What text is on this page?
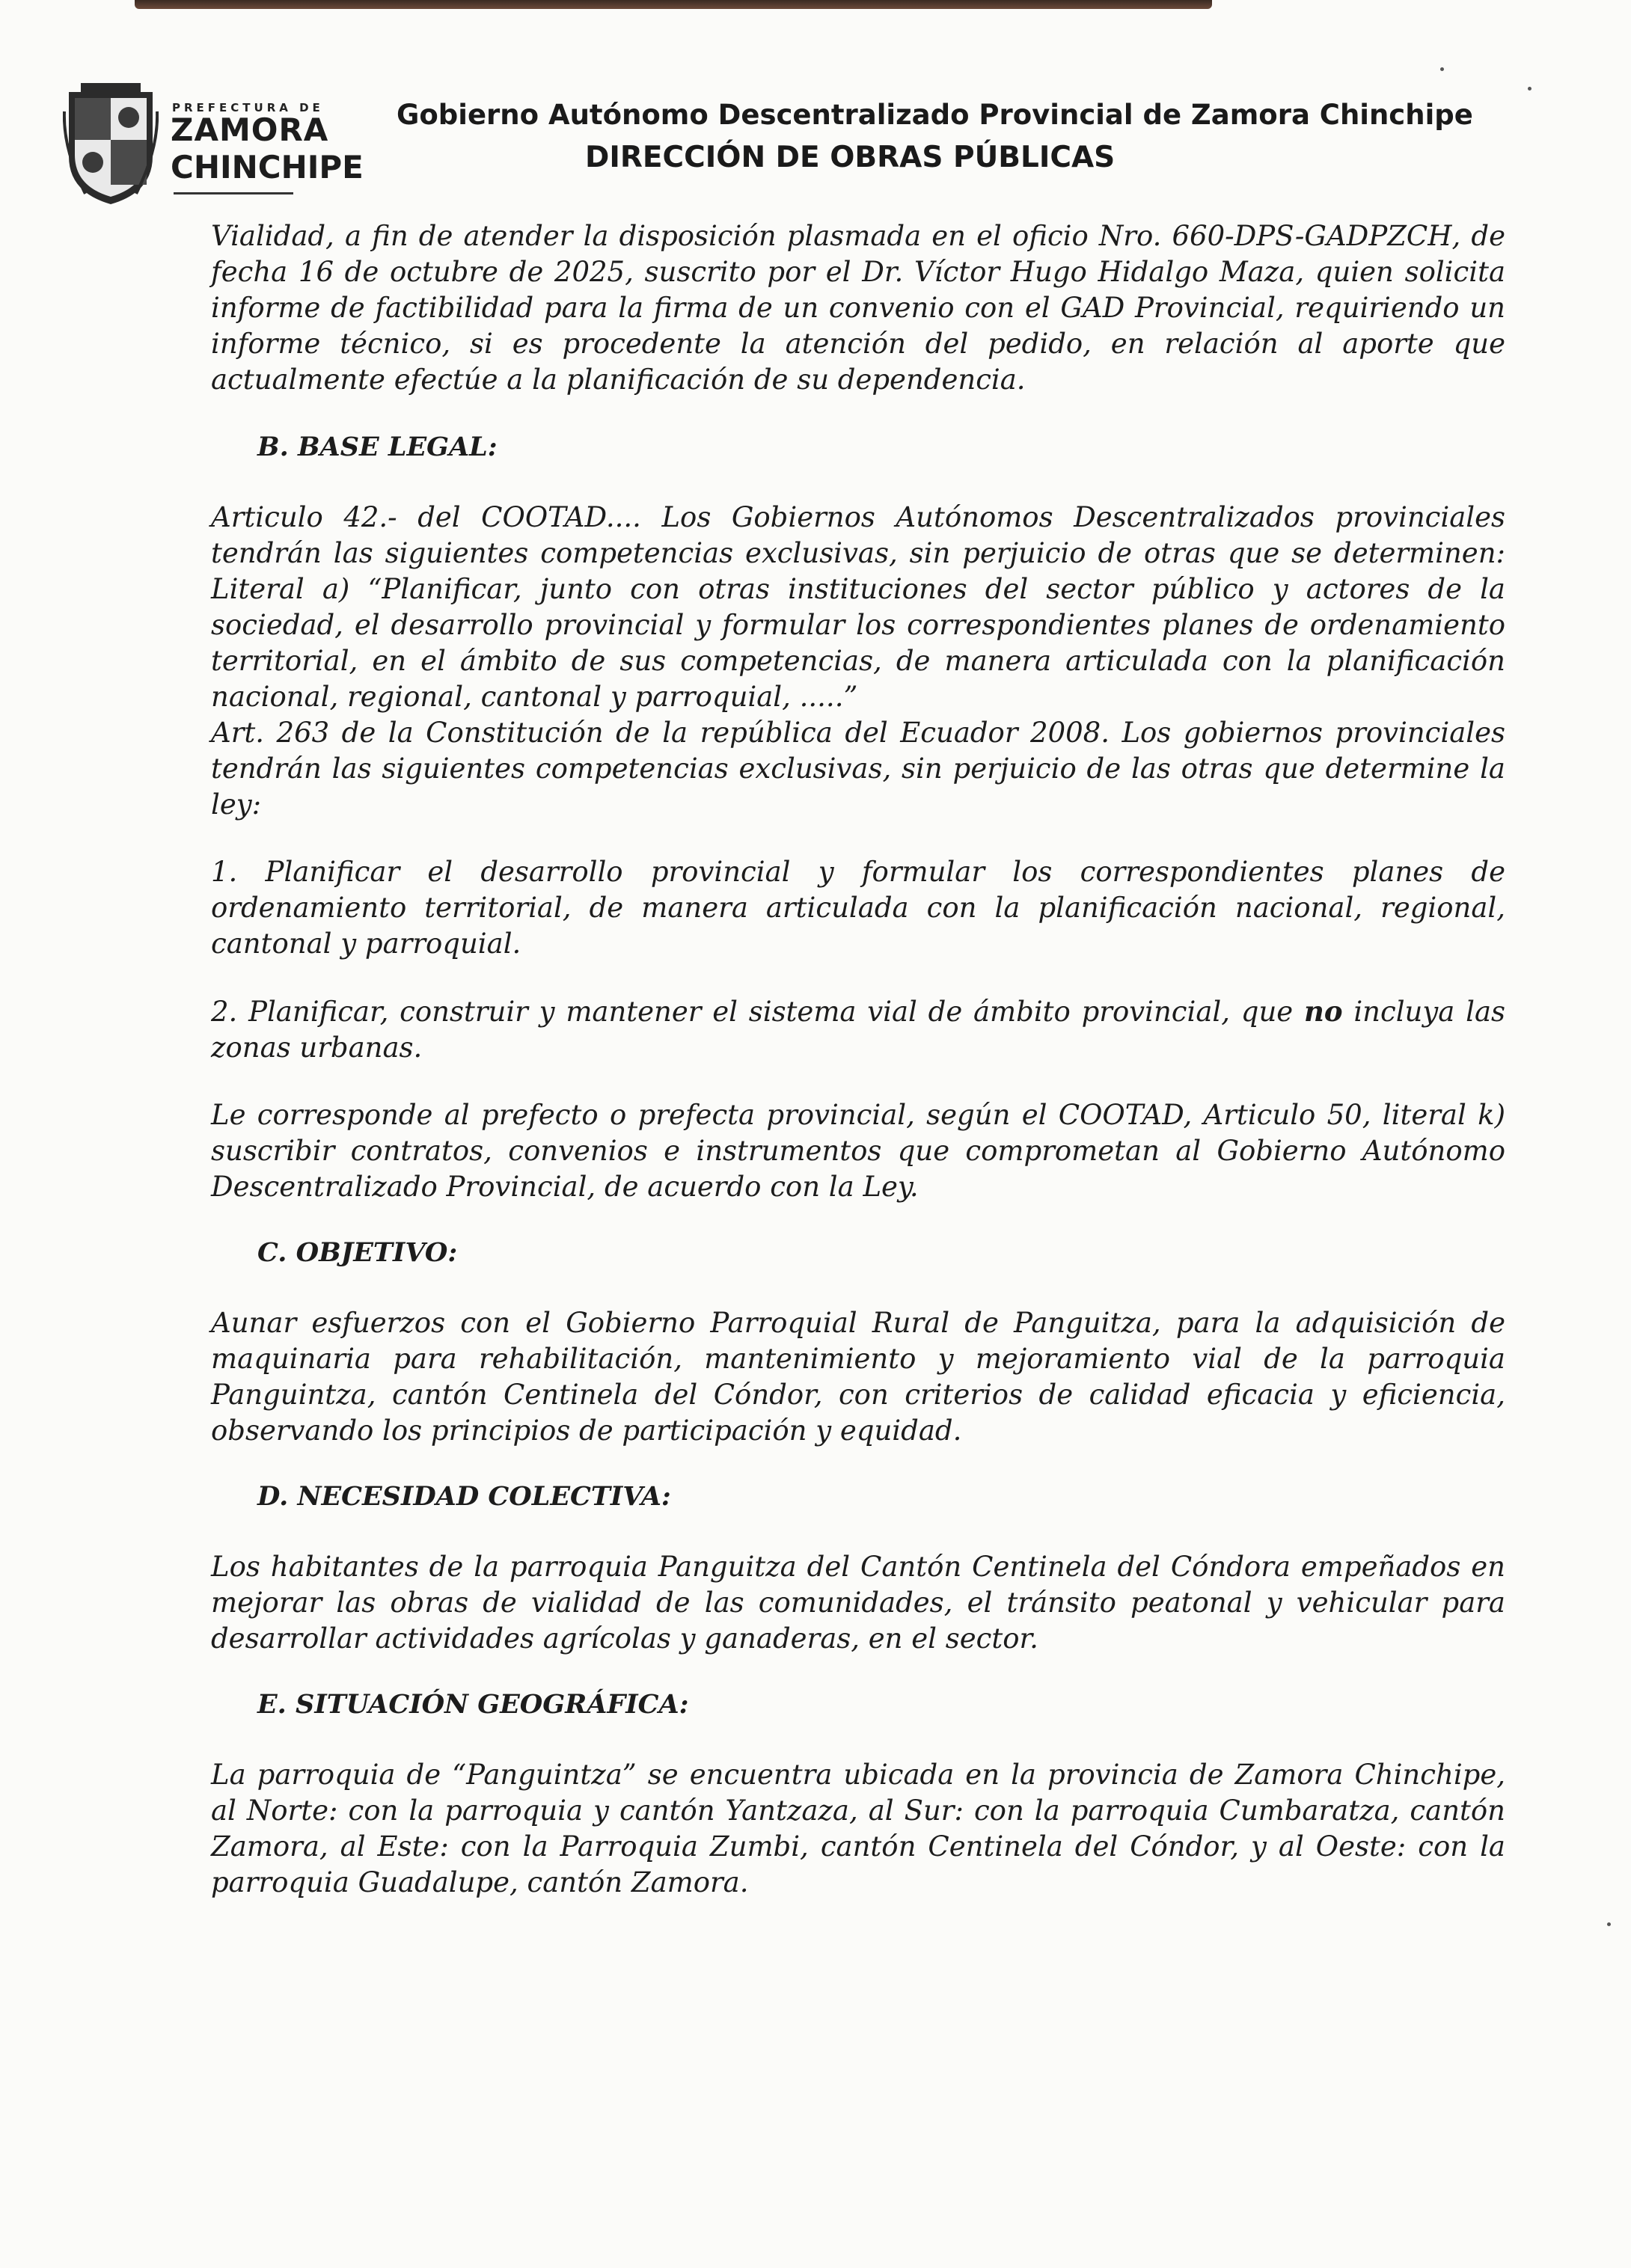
PREFECTURA DE
ZAMORA
CHINCHIPE
Gobierno Autónomo Descentralizado Provincial de Zamora Chinchipe
DIRECCIÓN DE OBRAS PÚBLICAS

Vialidad, a fin de atender la disposición plasmada en el oficio Nro. 660-DPS-GADPZCH, de fecha 16 de octubre de 2025, suscrito por el Dr. Víctor Hugo Hidalgo Maza, quien solicita informe de factibilidad para la firma de un convenio con el GAD Provincial, requiriendo un informe técnico, si es procedente la atención del pedido, en relación al aporte que actualmente efectúe a la planificación de su dependencia.

B. BASE LEGAL:

Articulo 42.- del COOTAD.... Los Gobiernos Autónomos Descentralizados provinciales tendrán las siguientes competencias exclusivas, sin perjuicio de otras que se determinen: Literal a) “Planificar, junto con otras instituciones del sector público y actores de la sociedad, el desarrollo provincial y formular los correspondientes planes de ordenamiento territorial, en el ámbito de sus competencias, de manera articulada con la planificación nacional, regional, cantonal y parroquial, .....”

Art. 263 de la Constitución de la república del Ecuador 2008. Los gobiernos provinciales tendrán las siguientes competencias exclusivas, sin perjuicio de las otras que determine la ley:

1. Planificar el desarrollo provincial y formular los correspondientes planes de ordenamiento territorial, de manera articulada con la planificación nacional, regional, cantonal y parroquial.

2. Planificar, construir y mantener el sistema vial de ámbito provincial, que no incluya las zonas urbanas.

Le corresponde al prefecto o prefecta provincial, según el COOTAD, Articulo 50, literal k) suscribir contratos, convenios e instrumentos que comprometan al Gobierno Autónomo Descentralizado Provincial, de acuerdo con la Ley.

C. OBJETIVO:

Aunar esfuerzos con el Gobierno Parroquial Rural de Panguitza, para la adquisición de maquinaria para rehabilitación, mantenimiento y mejoramiento vial de la parroquia Panguintza, cantón Centinela del Cóndor, con criterios de calidad eficacia y eficiencia, observando los principios de participación y equidad.

D. NECESIDAD COLECTIVA:

Los habitantes de la parroquia Panguitza del Cantón Centinela del Cóndora empeñados en mejorar las obras de vialidad de las comunidades, el tránsito peatonal y vehicular para desarrollar actividades agrícolas y ganaderas, en el sector.

E. SITUACIÓN GEOGRÁFICA:

La parroquia de “Panguintza” se encuentra ubicada en la provincia de Zamora Chinchipe, al Norte: con la parroquia y cantón Yantzaza, al Sur: con la parroquia Cumbaratza, cantón Zamora, al Este: con la Parroquia Zumbi, cantón Centinela del Cóndor, y al Oeste: con la parroquia Guadalupe, cantón Zamora.
